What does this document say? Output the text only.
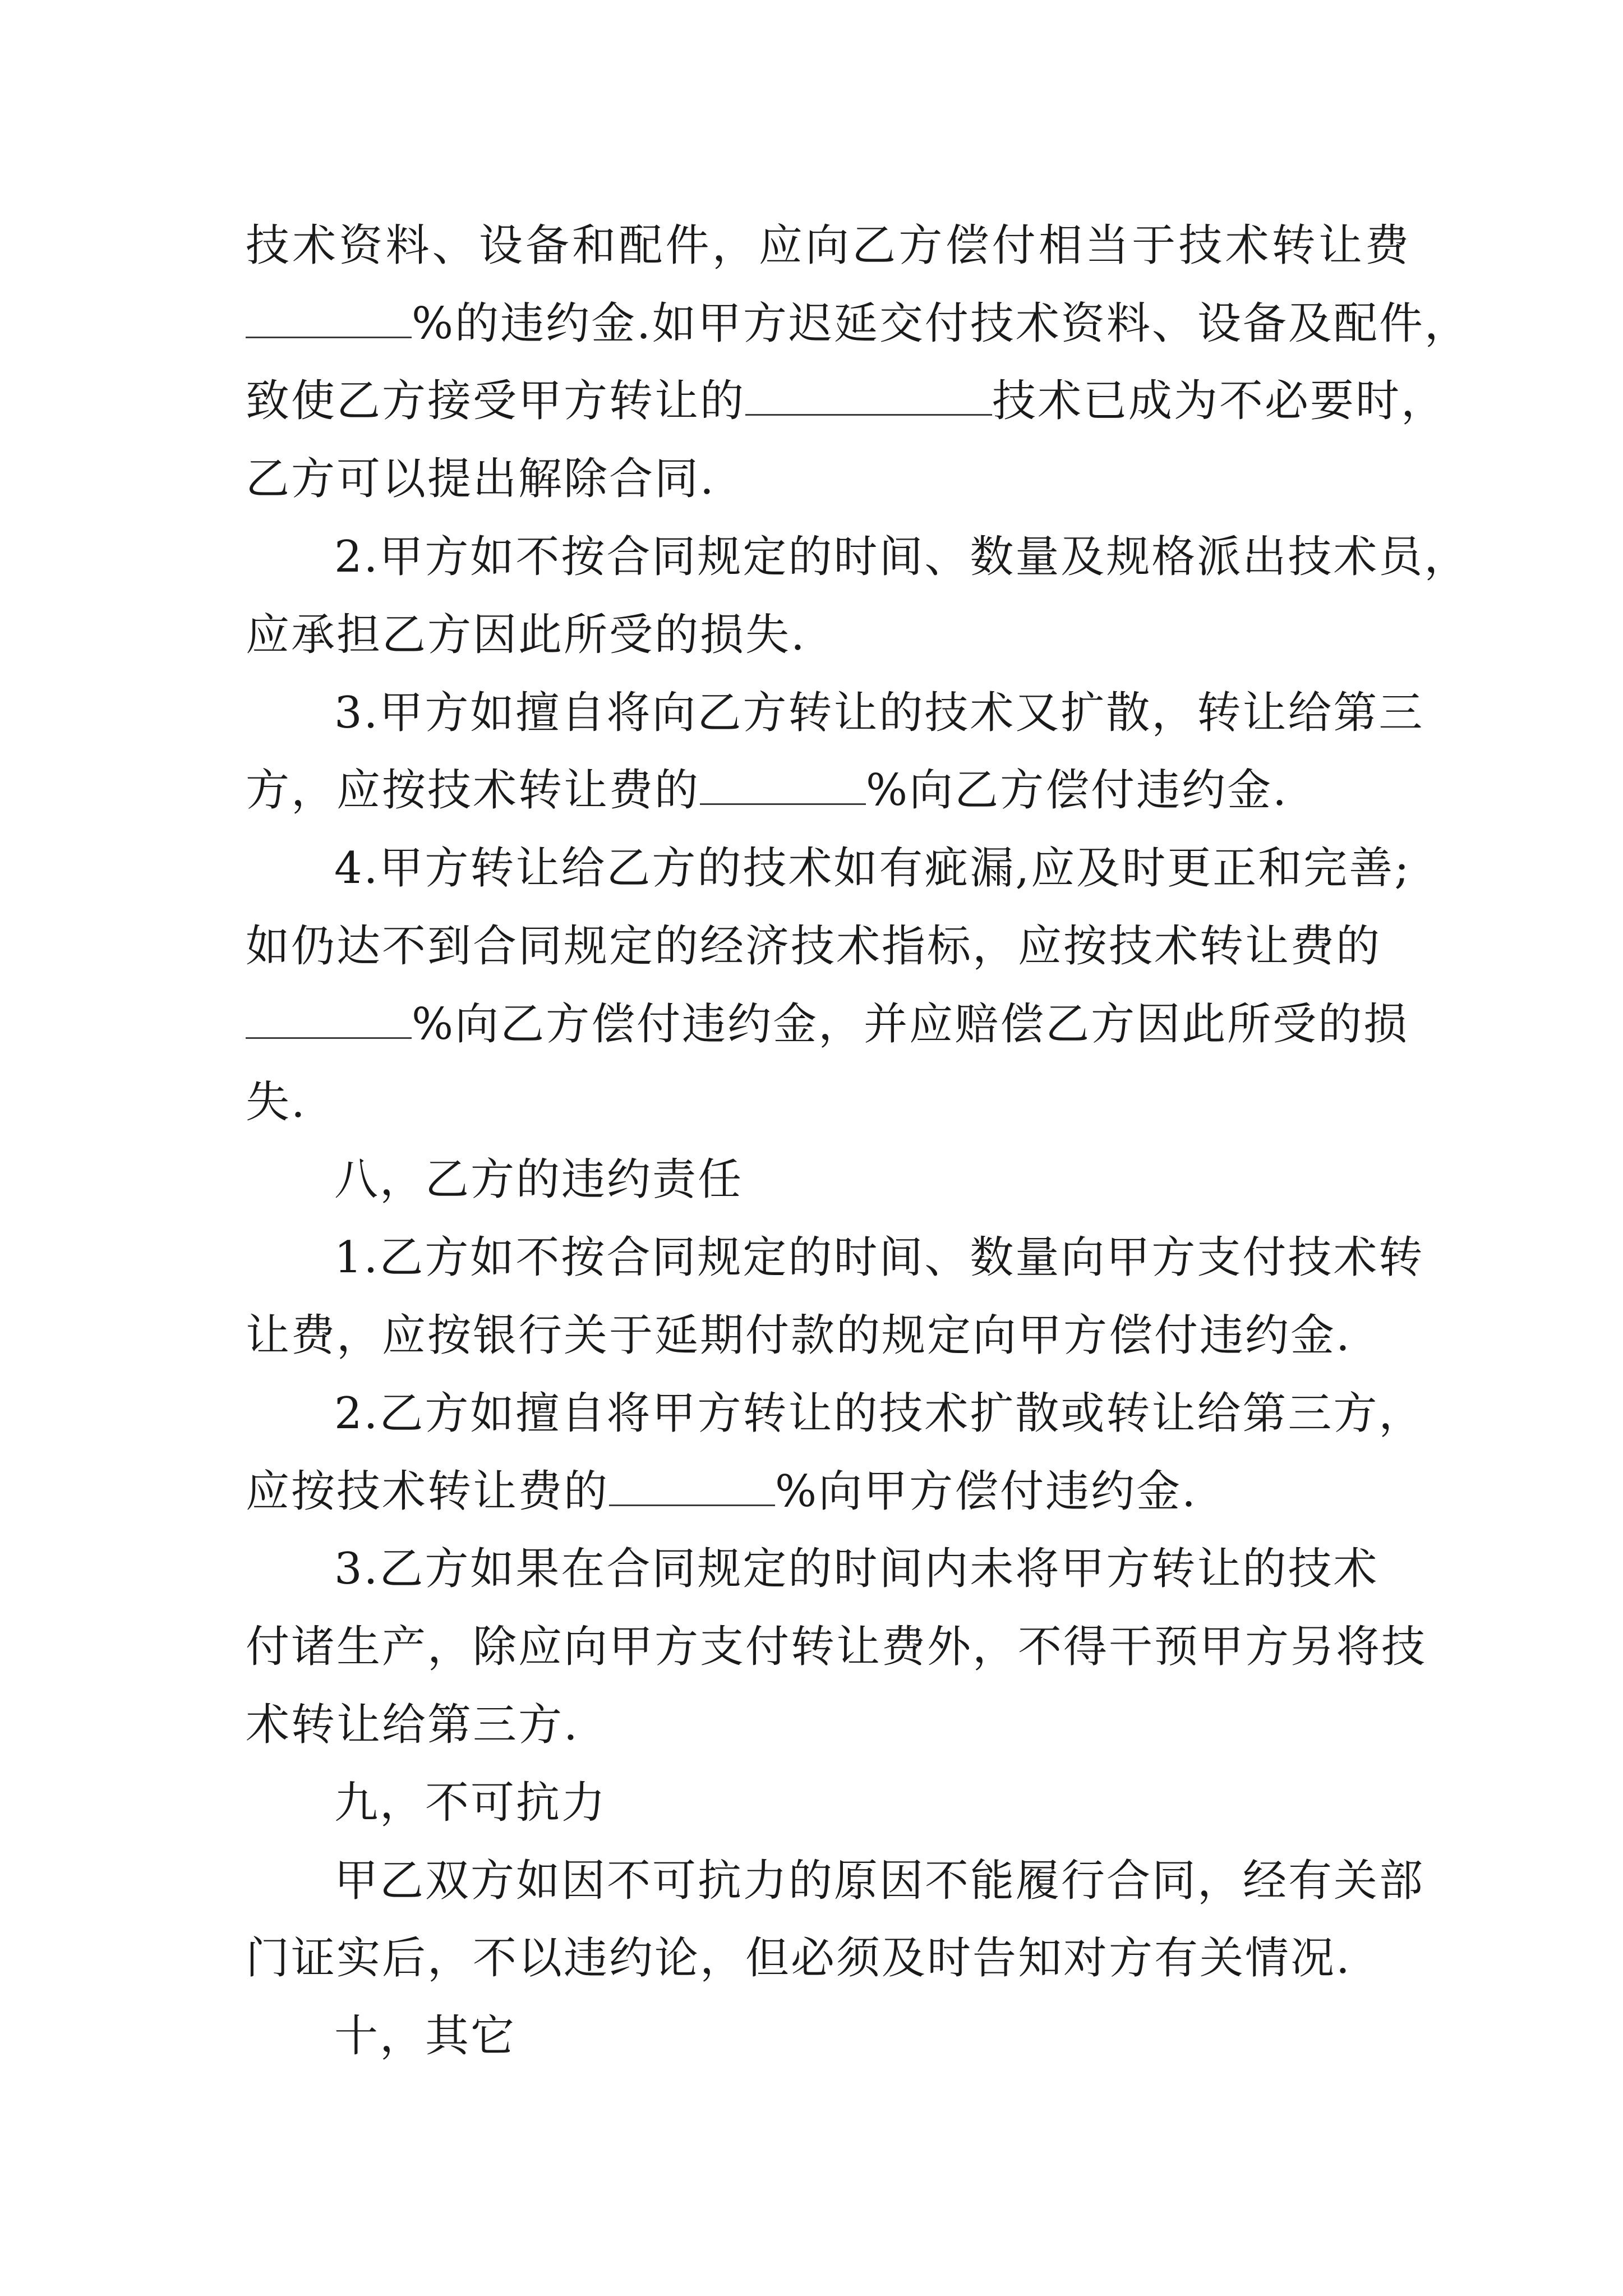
技术资料、设备和配件，应向乙方偿付相当于技术转让费
%的违约金.如甲方迟延交付技术资料、设备及配件，
致使乙方接受甲方转让的	技术已成为不必要时，
乙方可以提出解除合同.
2.甲方如不按合同规定的时间、数量及规格派出技术员，
应承担乙方因此所受的损失.
3.甲方如擅自将向乙方转让的技术又扩散，转让给第三
方，应按技术转让费的	%向乙方偿付违约金.
4.甲方转让给乙方的技术如有疵漏,应及时更正和完善;
如仍达不到合同规定的经济技术指标，应按技术转让费的
%向乙方偿付违约金，并应赔偿乙方因此所受的损
失.
八，乙方的违约责任
1.乙方如不按合同规定的时间、数量向甲方支付技术转
让费，应按银行关于延期付款的规定向甲方偿付违约金.
2.乙方如擅自将甲方转让的技术扩散或转让给第三方，
应按技术转让费的	%向甲方偿付违约金.
3.乙方如果在合同规定的时间内未将甲方转让的技术
付诸生产，除应向甲方支付转让费外，不得干预甲方另将技
术转让给第三方.
九，不可抗力
甲乙双方如因不可抗力的原因不能履行合同，经有关部
门证实后，不以违约论，但必须及时告知对方有关情况.
十，其它
